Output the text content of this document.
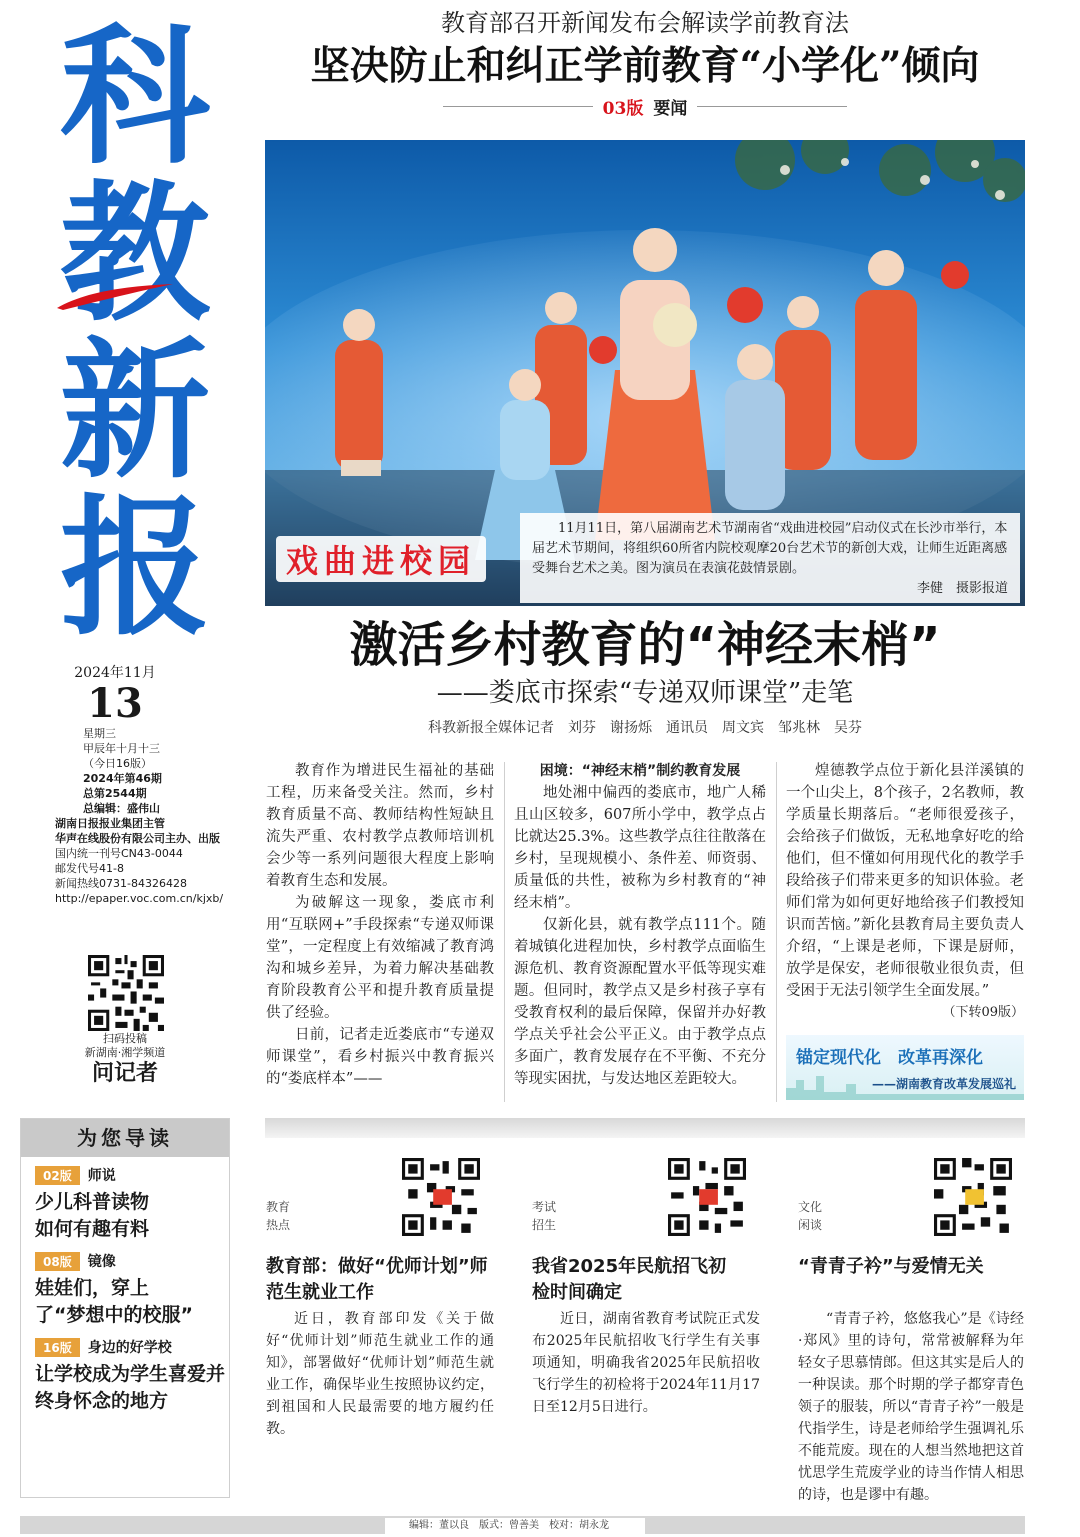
科
教
新
报
2024年11月
13
星期三
甲辰年十月十三
（今日16版）
2024年第46期
总第2544期
总编辑：盛伟山
湖南日报报业集团主管
华声在线股份有限公司主办、出版
国内统一刊号CN43-0044
邮发代号41-8
新闻热线0731-84326428
http://epaper.voc.com.cn/kjxb/
扫码投稿
新湖南·湘学频道
问记者
教育部召开新闻发布会解读学前教育法
坚决防止和纠正学前教育“小学化”倾向
03版 要闻
戏曲进校园
11月11日，第八届湖南艺术节湖南省“戏曲进校园”启动仪式在长沙市举行，本届艺术节期间，将组织60所省内院校观摩20台艺术节的新创大戏，让师生近距离感受舞台艺术之美。图为演员在表演花鼓情景剧。
李健　摄影报道
激活乡村教育的“神经末梢”
——娄底市探索“专递双师课堂”走笔
科教新报全媒体记者　刘芬　谢扬烁　通讯员　周文宾　邹兆林　吴芬

教育作为增进民生福祉的基础工程，历来备受关注。然而，乡村教育质量不高、教师结构性短缺且流失严重、农村教学点教师培训机会少等一系列问题很大程度上影响着教育生态和发展。

为破解这一现象，娄底市利用“互联网+”手段探索“专递双师课堂”，一定程度上有效缩减了教育鸿沟和城乡差异，为着力解决基础教育阶段教育公平和提升教育质量提供了经验。

日前，记者走近娄底市“专递双师课堂”，看乡村振兴中教育振兴的“娄底样本”——

困境：“神经末梢”制约教育发展

地处湘中偏西的娄底市，地广人稀且山区较多，607所小学中，教学点占比就达25.3%。这些教学点往往散落在乡村，呈现规模小、条件差、师资弱、质量低的共性，被称为乡村教育的“神经末梢”。

仅新化县，就有教学点111个。随着城镇化进程加快，乡村教学点面临生源危机、教育资源配置水平低等现实难题。但同时，教学点又是乡村孩子享有受教育权利的最后保障，保留并办好教学点关乎社会公平正义。由于教学点点多面广，教育发展存在不平衡、不充分等现实困扰，与发达地区差距较大。

煌德教学点位于新化县洋溪镇的一个山尖上，8个孩子，2名教师，教学质量长期落后。“老师很爱孩子，会给孩子们做饭，无私地拿好吃的给他们，但不懂如何用现代化的教学手段给孩子们带来更多的知识体验。老师们常为如何更好地给孩子们教授知识而苦恼。”新化县教育局主要负责人介绍，“上课是老师，下课是厨师，放学是保安，老师很敬业很负责，但受困于无法引领学生全面发展。”

（下转09版）

锚定现代化　改革再深化
——湖南教育改革发展巡礼
为您导读
02版	师说
少儿科普读物如何有趣有料
08版	镜像
娃娃们，穿上了“梦想中的校服”
16版	身边的好学校
让学校成为学生喜爱并终身怀念的地方
教育
热点
教育部：做好“优师计划”师范生就业工作
近日，教育部印发《关于做好“优师计划”师范生就业工作的通知》，部署做好“优师计划”师范生就业工作，确保毕业生按照协议约定，到祖国和人民最需要的地方履约任教。
考试
招生
我省2025年民航招飞初检时间确定
近日，湖南省教育考试院正式发布2025年民航招收飞行学生有关事项通知，明确我省2025年民航招收飞行学生的初检将于2024年11月17日至12月5日进行。
文化
闲谈
“青青子衿”与爱情无关
“青青子衿，悠悠我心”是《诗经·郑风》里的诗句，常常被解释为年轻女子思慕情郎。但这其实是后人的一种误读。那个时期的学子都穿青色领子的服装，所以“青青子衿”一般是代指学生，诗是老师给学生强调礼乐不能荒废。现在的人想当然地把这首忧思学生荒废学业的诗当作情人相思的诗，也是谬中有趣。
编辑：董以良　版式：曾善美　校对：胡永龙
